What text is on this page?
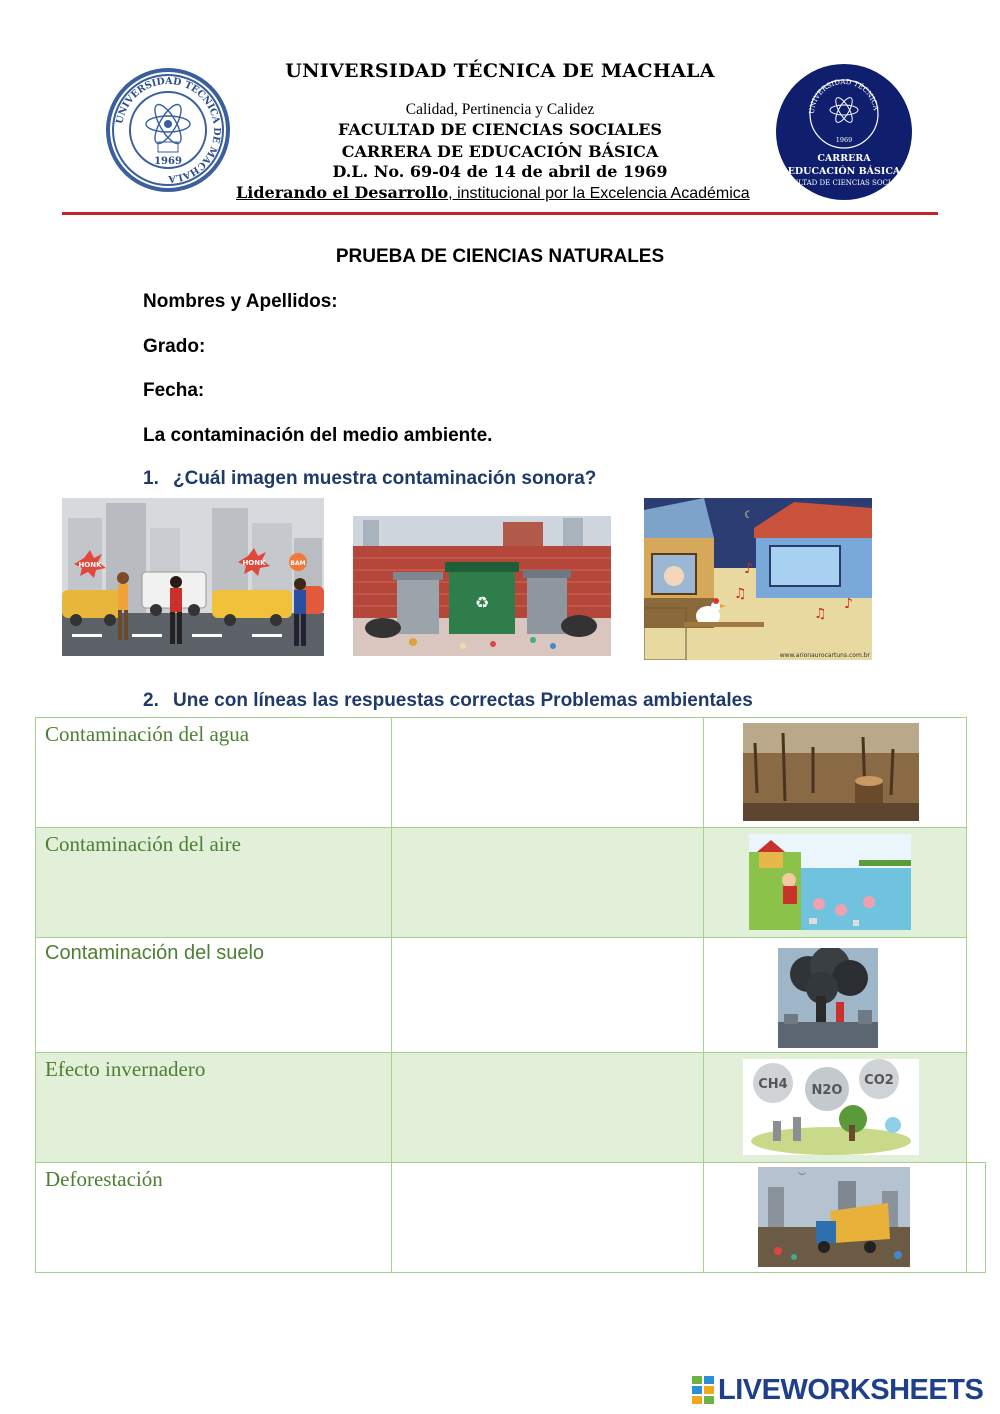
UNIVERSIDAD TÉCNICA DE MACHALA
1969
UNIVERSIDAD TÉCNICA DE MACHALA
Calidad, Pertinencia y Calidez
FACULTAD DE CIENCIAS SOCIALES
CARRERA DE EDUCACIÓN BÁSICA
D.L. No. 69-04 de 14 de abril de 1969
Liderando el Desarrollo, institucional por la Excelencia Académica
UNIVERSIDAD TÉCNICA
1969
CARRERA
EDUCACIÓN BÁSICA
FACULTAD DE CIENCIAS SOCIALES
PRUEBA DE CIENCIAS NATURALES
Nombres y Apellidos:
Grado:
Fecha:
La contaminación del medio ambiente.
1. ¿Cuál imagen muestra contaminación sonora?
HONK	HONK	BAM
♻
♪
♫
♪
♫
☾
www.arionaurocartuns.com.br
2. Une con líneas las respuestas correctas Problemas ambientales
Contaminación del agua

Contaminación del aire

Contaminación del suelo

Efecto invernadero		CH4 N2O
CO2	

Deforestación		︶	

LIVEWORKSHEETS
